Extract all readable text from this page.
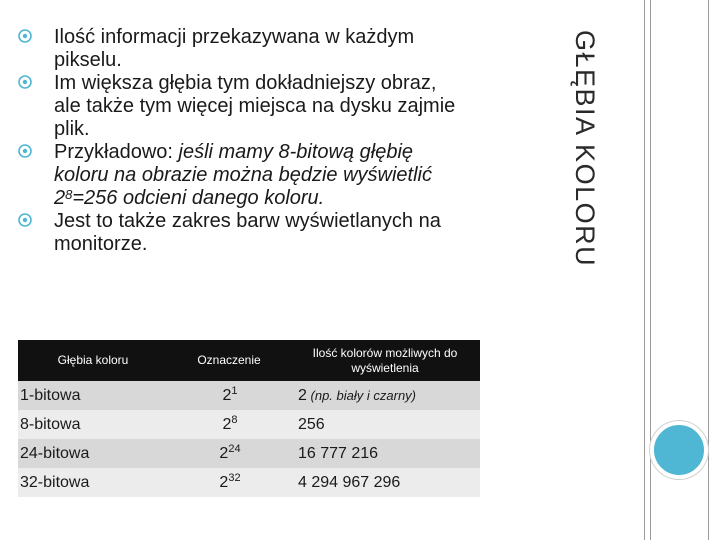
GŁĘBIA KOLORU
Ilość informacji przekazywana w każdym pikselu.
Im większa głębia tym dokładniejszy obraz, ale także tym więcej miejsca na dysku zajmie plik.
Przykładowo: jeśli mamy 8-bitową głębię koloru na obrazie można będzie wyświetlić $2^8=256$ odcieni danego koloru.
Jest to także zakres barw wyświetlanych na monitorze.
Głębia koloru	Oznaczenie	Ilość kolorów możliwych do wyświetlenia
1-bitowa	$2^1$	2 (np. biały i czarny)
8-bitowa	$2^8$	256
24-bitowa	$2^{24}$	16 777 216
32-bitowa	$2^{32}$	4 294 967 296
